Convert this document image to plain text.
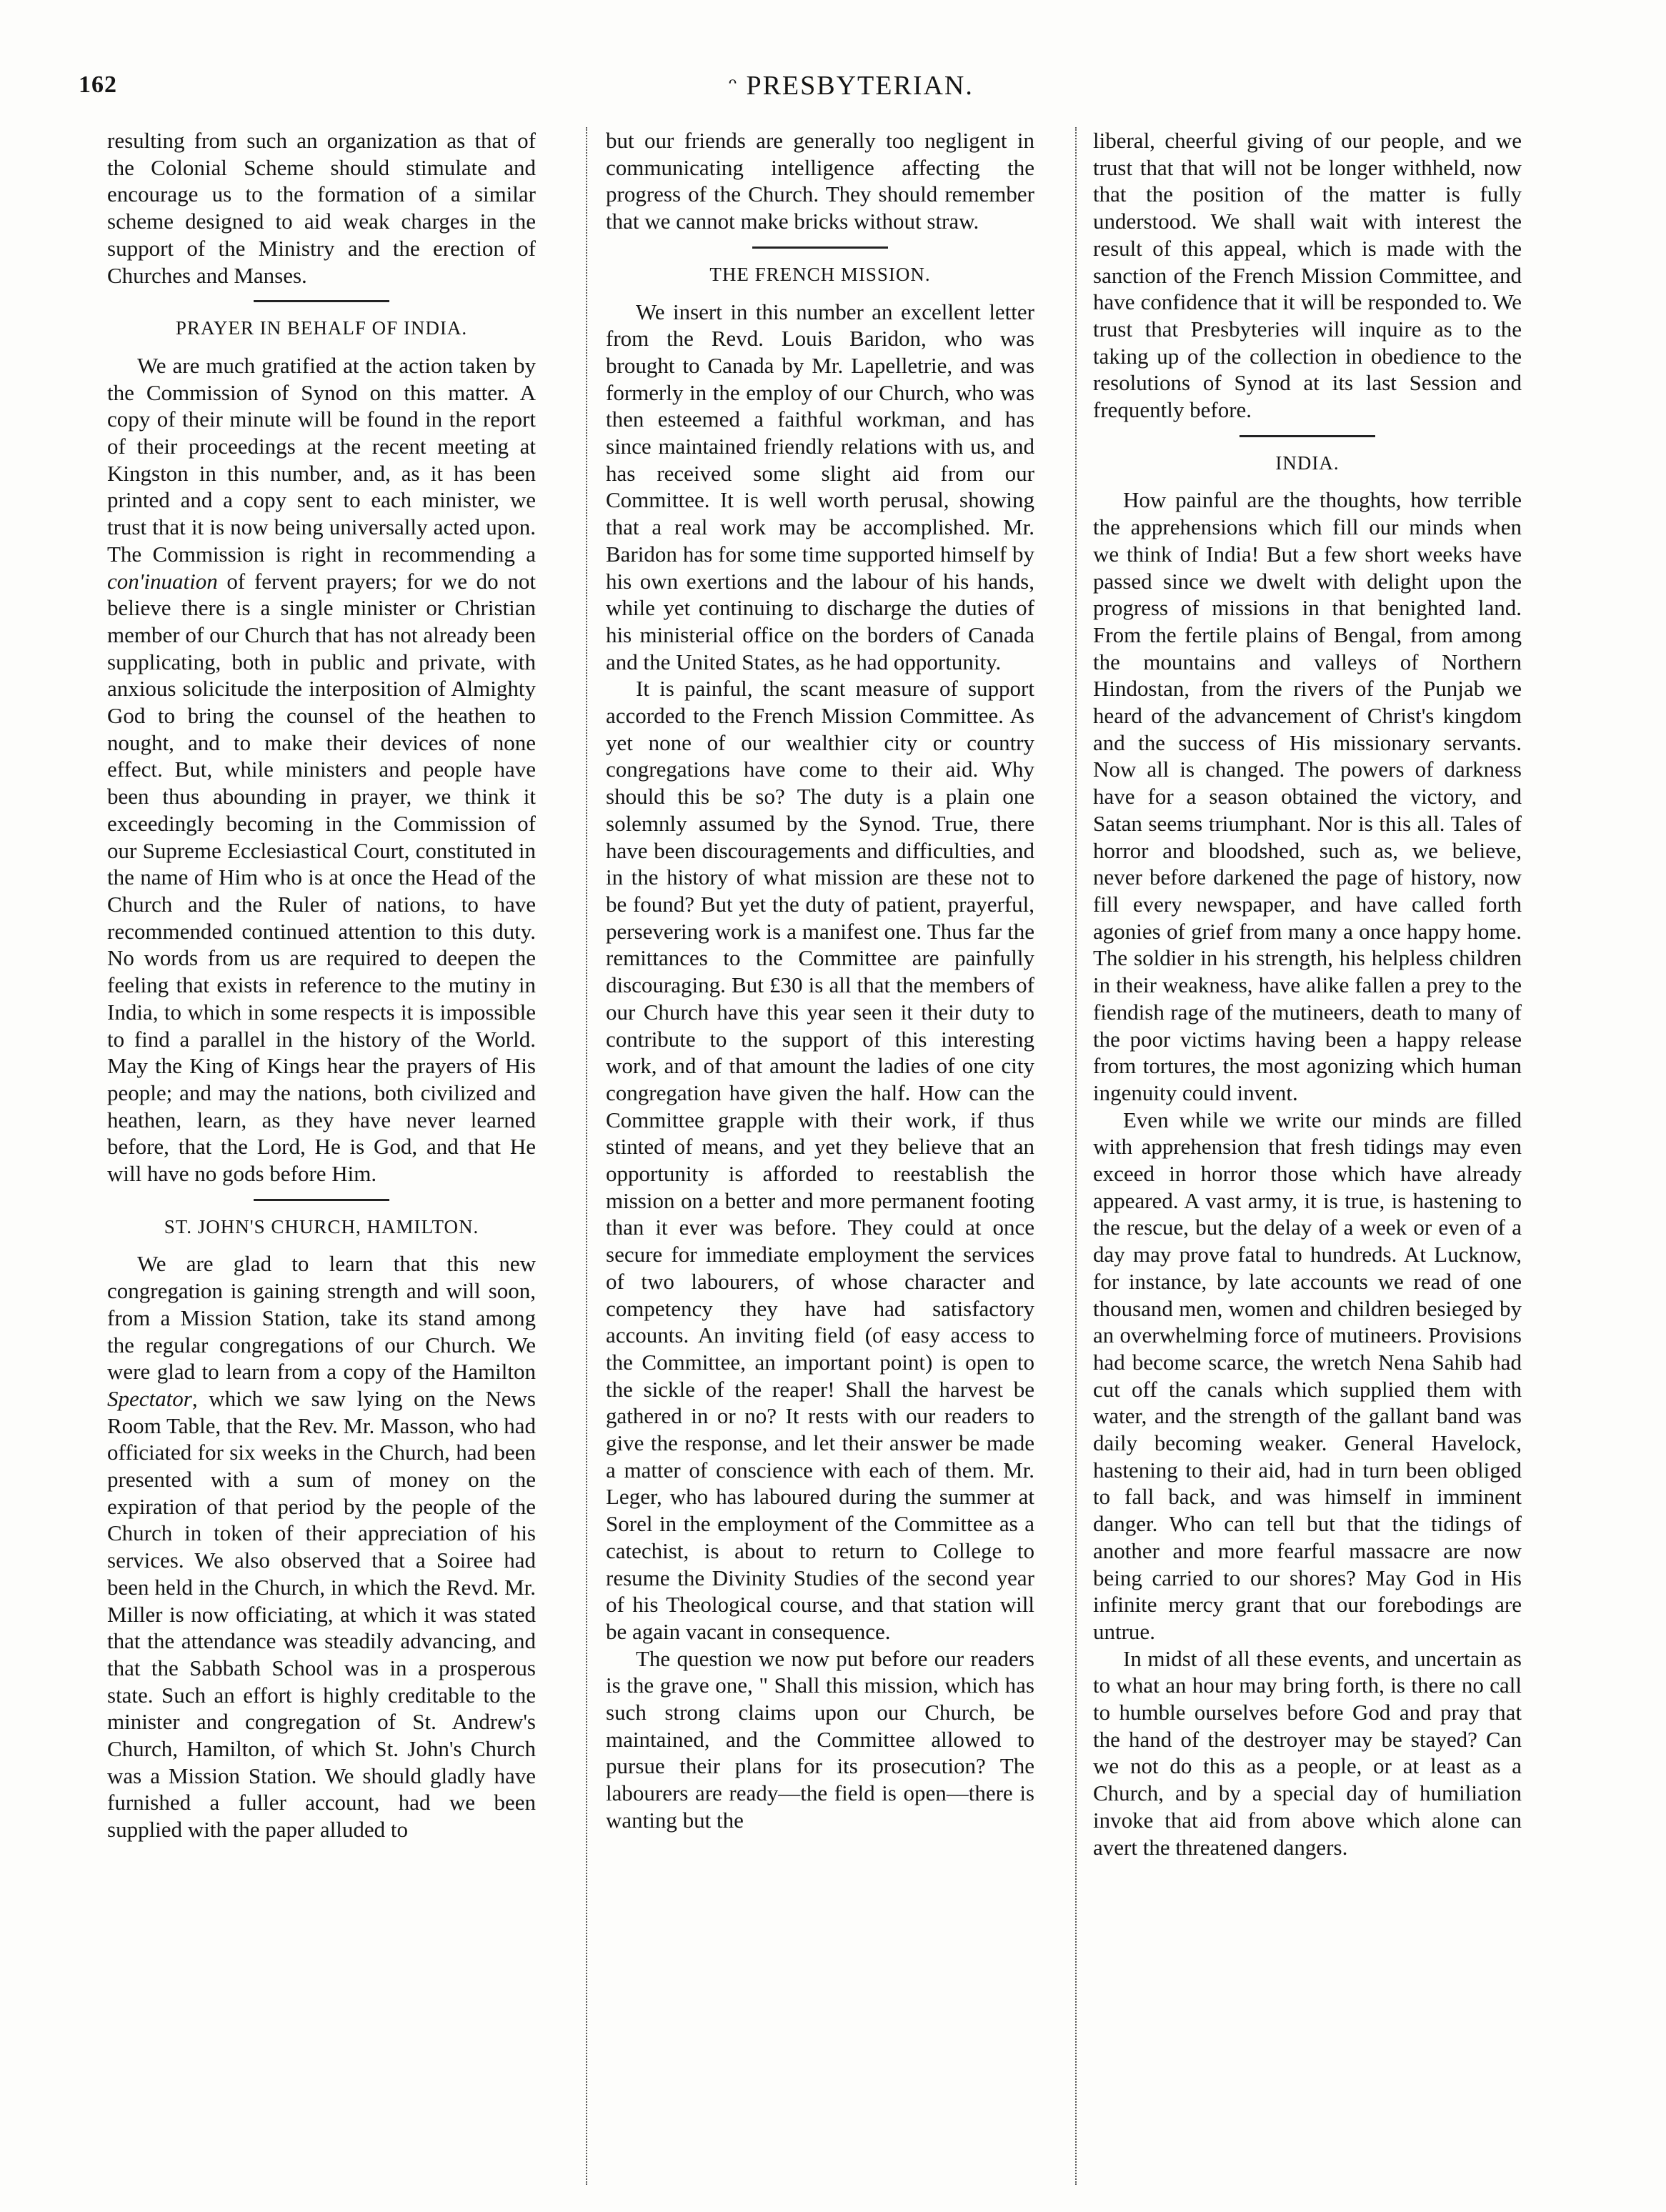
162	ᵔ PRESBYTERIAN.

resulting from such an organization as that of the Colonial Scheme should stimulate and encourage us to the formation of a similar scheme designed to aid weak charges in the support of the Ministry and the erection of Churches and Manses.

PRAYER IN BEHALF OF INDIA.

We are much gratified at the action taken by the Commission of Synod on this matter. A copy of their minute will be found in the report of their proceedings at the recent meeting at Kingston in this number, and, as it has been printed and a copy sent to each minister, we trust that it is now being universally acted upon. The Commission is right in recommending a con'inuation of fervent prayers; for we do not believe there is a single minister or Christian member of our Church that has not already been supplicating, both in public and private, with anxious solicitude the interposition of Almighty God to bring the counsel of the heathen to nought, and to make their devices of none effect. But, while ministers and people have been thus abounding in prayer, we think it exceedingly becoming in the Commission of our Supreme Ecclesiastical Court, constituted in the name of Him who is at once the Head of the Church and the Ruler of nations, to have recommended continued attention to this duty. No words from us are required to deepen the feeling that exists in reference to the mutiny in India, to which in some respects it is impossible to find a parallel in the history of the World. May the King of Kings hear the prayers of His people; and may the nations, both civilized and heathen, learn, as they have never learned before, that the Lord, He is God, and that He will have no gods before Him.

ST. JOHN'S CHURCH, HAMILTON.

We are glad to learn that this new congregation is gaining strength and will soon, from a Mission Station, take its stand among the regular congregations of our Church. We were glad to learn from a copy of the Hamilton Spectator, which we saw lying on the News Room Table, that the Rev. Mr. Masson, who had officiated for six weeks in the Church, had been presented with a sum of money on the expiration of that period by the people of the Church in token of their appreciation of his services. We also observed that a Soiree had been held in the Church, in which the Revd. Mr. Miller is now officiating, at which it was stated that the attendance was steadily advancing, and that the Sabbath School was in a prosperous state. Such an effort is highly creditable to the minister and congregation of St. Andrew's Church, Hamilton, of which St. John's Church was a Mission Station. We should gladly have furnished a fuller account, had we been supplied with the paper alluded to

but our friends are generally too negligent in communicating intelligence affecting the progress of the Church. They should remember that we cannot make bricks without straw.

THE FRENCH MISSION.

We insert in this number an excellent letter from the Revd. Louis Baridon, who was brought to Canada by Mr. Lapelletrie, and was formerly in the employ of our Church, who was then esteemed a faithful workman, and has since maintained friendly relations with us, and has received some slight aid from our Committee. It is well worth perusal, showing that a real work may be accomplished. Mr. Baridon has for some time supported himself by his own exertions and the labour of his hands, while yet continuing to discharge the duties of his ministerial office on the borders of Canada and the United States, as he had opportunity.

It is painful, the scant measure of support accorded to the French Mission Committee. As yet none of our wealthier city or country congregations have come to their aid. Why should this be so? The duty is a plain one solemnly assumed by the Synod. True, there have been discouragements and difficulties, and in the history of what mission are these not to be found? But yet the duty of patient, prayerful, persevering work is a manifest one. Thus far the remittances to the Committee are painfully discouraging. But £30 is all that the members of our Church have this year seen it their duty to contribute to the support of this interesting work, and of that amount the ladies of one city congregation have given the half. How can the Committee grapple with their work, if thus stinted of means, and yet they believe that an opportunity is afforded to reestablish the mission on a better and more permanent footing than it ever was before. They could at once secure for immediate employment the services of two labourers, of whose character and competency they have had satisfactory accounts. An inviting field (of easy access to the Committee, an important point) is open to the sickle of the reaper! Shall the harvest be gathered in or no? It rests with our readers to give the response, and let their answer be made a matter of conscience with each of them. Mr. Leger, who has laboured during the summer at Sorel in the employment of the Committee as a catechist, is about to return to College to resume the Divinity Studies of the second year of his Theological course, and that station will be again vacant in consequence.

The question we now put before our readers is the grave one, " Shall this mission, which has such strong claims upon our Church, be maintained, and the Committee allowed to pursue their plans for its prosecution? The labourers are ready—the field is open—there is wanting but the

liberal, cheerful giving of our people, and we trust that that will not be longer withheld, now that the position of the matter is fully understood. We shall wait with interest the result of this appeal, which is made with the sanction of the French Mission Committee, and have confidence that it will be responded to. We trust that Presbyteries will inquire as to the taking up of the collection in obedience to the resolutions of Synod at its last Session and frequently before.

INDIA.

How painful are the thoughts, how terrible the apprehensions which fill our minds when we think of India! But a few short weeks have passed since we dwelt with delight upon the progress of missions in that benighted land. From the fertile plains of Bengal, from among the mountains and valleys of Northern Hindostan, from the rivers of the Punjab we heard of the advancement of Christ's kingdom and the success of His missionary servants. Now all is changed. The powers of darkness have for a season obtained the victory, and Satan seems triumphant. Nor is this all. Tales of horror and bloodshed, such as, we believe, never before darkened the page of history, now fill every newspaper, and have called forth agonies of grief from many a once happy home. The soldier in his strength, his helpless children in their weakness, have alike fallen a prey to the fiendish rage of the mutineers, death to many of the poor victims having been a happy release from tortures, the most agonizing which human ingenuity could invent.

Even while we write our minds are filled with apprehension that fresh tidings may even exceed in horror those which have already appeared. A vast army, it is true, is hastening to the rescue, but the delay of a week or even of a day may prove fatal to hundreds. At Lucknow, for instance, by late accounts we read of one thousand men, women and children besieged by an overwhelming force of mutineers. Provisions had become scarce, the wretch Nena Sahib had cut off the canals which supplied them with water, and the strength of the gallant band was daily becoming weaker. General Havelock, hastening to their aid, had in turn been obliged to fall back, and was himself in imminent danger. Who can tell but that the tidings of another and more fearful massacre are now being carried to our shores? May God in His infinite mercy grant that our forebodings are untrue.

In midst of all these events, and uncertain as to what an hour may bring forth, is there no call to humble ourselves before God and pray that the hand of the destroyer may be stayed? Can we not do this as a people, or at least as a Church, and by a special day of humiliation invoke that aid from above which alone can avert the threatened dangers.
